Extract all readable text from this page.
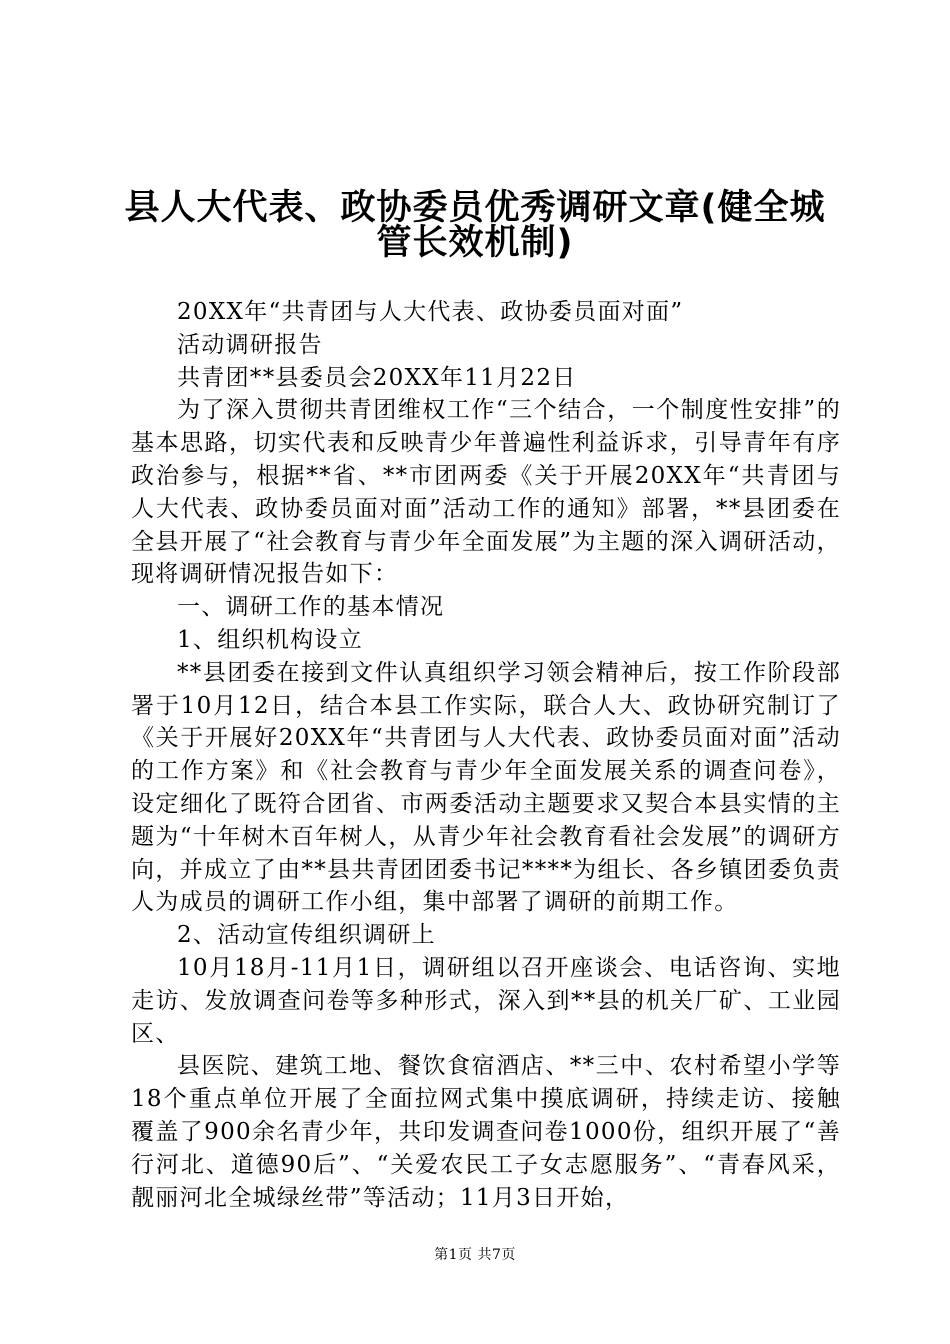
县人大代表、政协委员优秀调研文章(健全城
管长效机制)

20XX年“共青团与人大代表、政协委员面对面”

活动调研报告

共青团**县委员会20XX年11月22日

为了深入贯彻共青团维权工作“三个结合，一个制度性安排”的基本思路，切实代表和反映青少年普遍性利益诉求，引导青年有序政治参与，根据**省、**市团两委《关于开展20XX年“共青团与人大代表、政协委员面对面”活动工作的通知》部署，**县团委在全县开展了“社会教育与青少年全面发展”为主题的深入调研活动，现将调研情况报告如下：

一、调研工作的基本情况

1、组织机构设立

**县团委在接到文件认真组织学习领会精神后，按工作阶段部署于10月12日，结合本县工作实际，联合人大、政协研究制订了《关于开展好20XX年“共青团与人大代表、政协委员面对面”活动的工作方案》和《社会教育与青少年全面发展关系的调查问卷》，设定细化了既符合团省、市两委活动主题要求又契合本县实情的主题为“十年树木百年树人，从青少年社会教育看社会发展”的调研方向，并成立了由**县共青团团委书记****为组长、各乡镇团委负责人为成员的调研工作小组，集中部署了调研的前期工作。

2、活动宣传组织调研上

10月18月-11月1日，调研组以召开座谈会、电话咨询、实地走访、发放调查问卷等多种形式，深入到**县的机关厂矿、工业园区、

县医院、建筑工地、餐饮食宿酒店、**三中、农村希望小学等18个重点单位开展了全面拉网式集中摸底调研，持续走访、接触覆盖了900余名青少年，共印发调查问卷1000份，组织开展了“善行河北、道德90后”、“关爱农民工子女志愿服务”、“青春风采，靓丽河北全城绿丝带”等活动；11月3日开始，

第1页 共7页
